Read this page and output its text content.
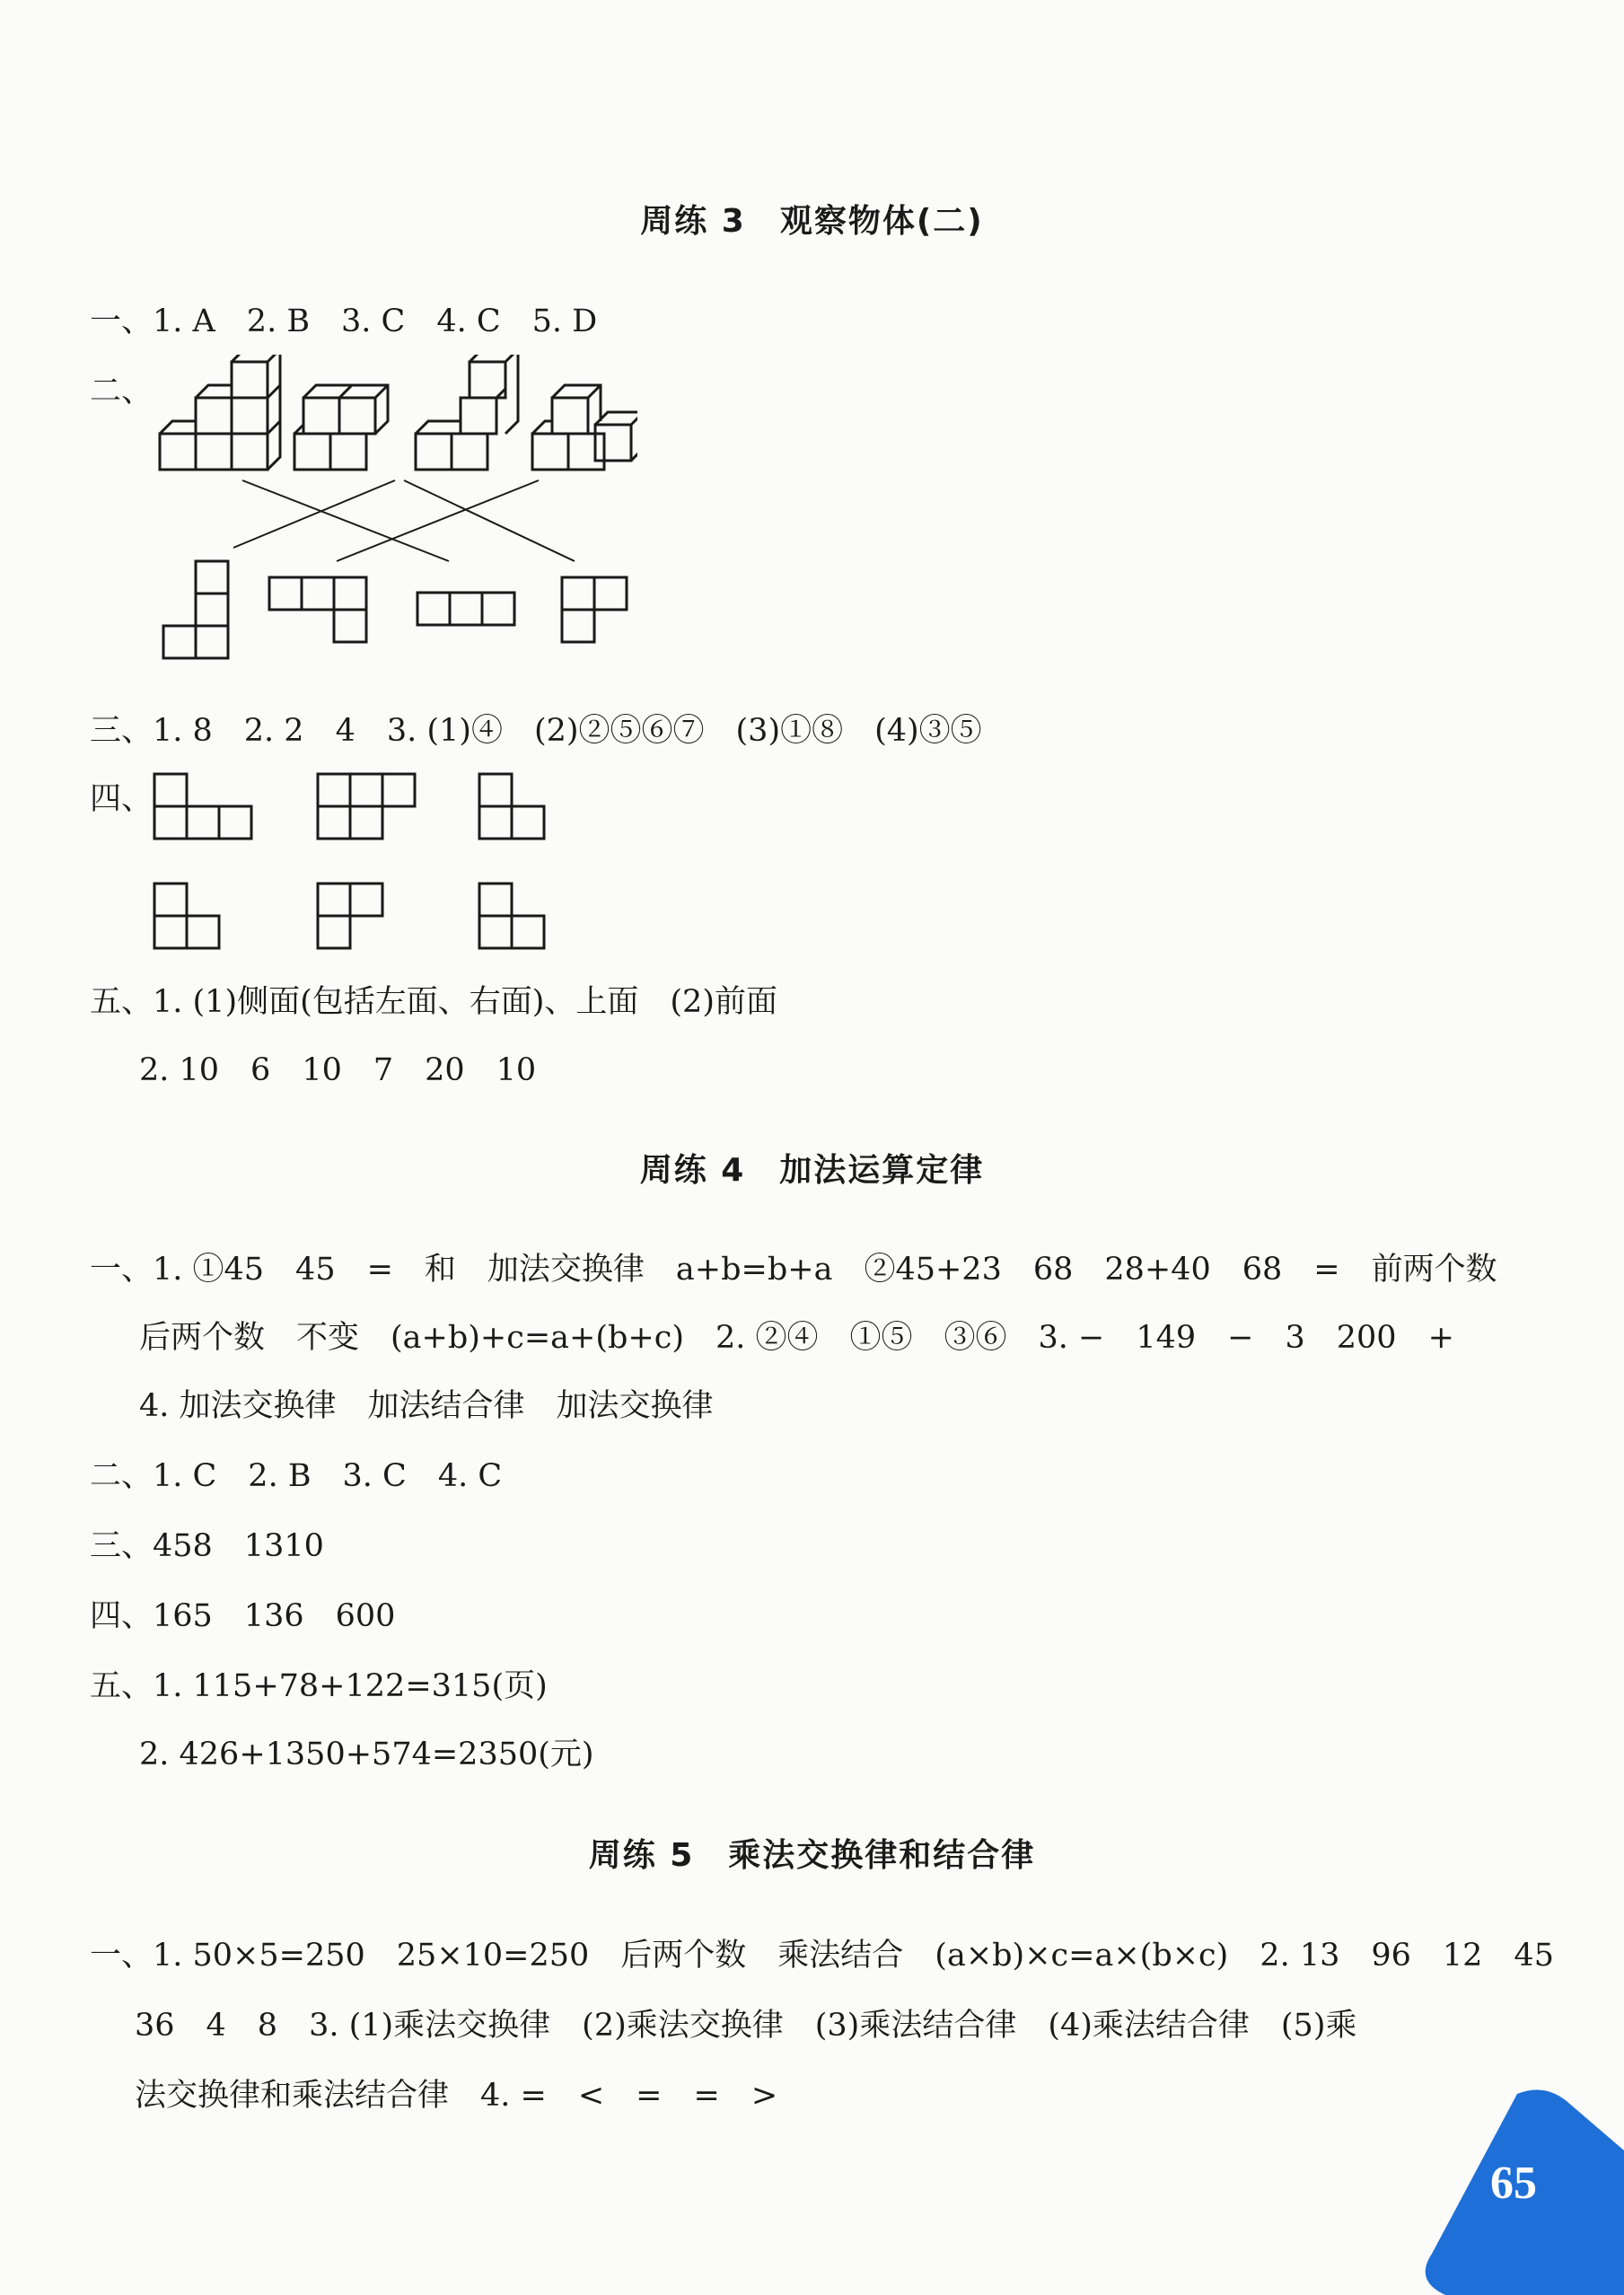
周练 3　观察物体(二)
一、1. A　2. B　3. C　4. C　5. D
二、
三、1. 8　2. 2　4　3. (1)④　(2)②⑤⑥⑦　(3)①⑧　(4)③⑤
四、
五、1. (1)侧面(包括左面、右面)、上面　(2)前面
2. 10　6　10　7　20　10
周练 4　加法运算定律
一、1. ①45　45　=　和　加法交换律　a+b=b+a　②45+23　68　28+40　68　=　前两个数
后两个数　不变　(a+b)+c=a+(b+c)　2. ②④　①⑤　③⑥　3. −　149　−　3　200　+
4. 加法交换律　加法结合律　加法交换律
二、1. C　2. B　3. C　4. C
三、458　1310
四、165　136　600
五、1. 115+78+122=315(页)
2. 426+1350+574=2350(元)
周练 5　乘法交换律和结合律
一、1. 50×5=250　25×10=250　后两个数　乘法结合　(a×b)×c=a×(b×c)　2. 13　96　12　45
36　4　8　3. (1)乘法交换律　(2)乘法交换律　(3)乘法结合律　(4)乘法结合律　(5)乘
法交换律和乘法结合律　4. =　<　=　=　>
65
